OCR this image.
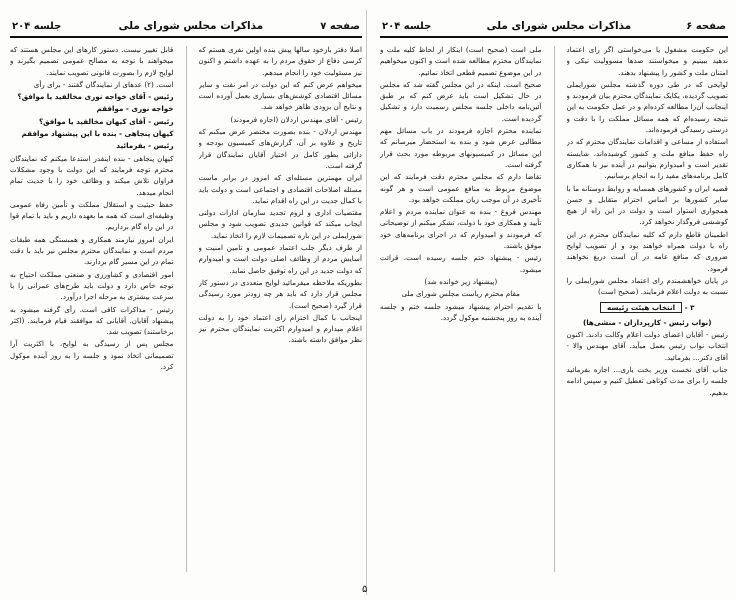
صفحه ۷
مذاکرات مجلس شورای ملی
جلسه ۲۰۴

اصلا دفتر بازخود سالها پیش بنده اولین نفری هستم که کرسی دفاع از حقوق مردم را به عهده داشتم و اکنون نیز مسئولیت خود را انجام میدهم.

میخواهم عرض کنم که این دولت در امر نفت و سایر مسائل اقتصادی کوشش‌های بسیاری بعمل آورده است و نتایج آن بزودی ظاهر خواهد شد.

رئیس - آقای مهندس اردلان (اجازه فرمودند)

مهندس اردلان - بنده بصورت مختصر عرض میکنم که تاریخ و علاوه بر آن، گزارش‌های کمیسیون بودجه و دارائی بطور کامل در اختیار آقایان نمایندگان قرار گرفته است.

ایران مهمترین مسئله‌ای که امروز در برابر ماست مسئله اصلاحات اقتصادی و اجتماعی است و دولت باید با کمال جدیت در این راه اقدام نماید.

مقتضیات اداری و لزوم تجدید سازمان ادارات دولتی ایجاب میکند که قوانین جدیدی تصویب شود و مجلس شورایملی در این باره تصمیمات لازم را اتخاذ نماید.

از طرف دیگر جلب اعتماد عمومی و تامین امنیت و آسایش مردم از وظائف اصلی دولت است و امیدوارم که دولت جدید در این راه توفیق حاصل نماید.

بطوریکه ملاحظه میفرمائید لوایح متعددی در دستور کار مجلس قرار دارد که باید هر چه زودتر مورد رسیدگی قرار گیرد (صحیح است).

اینجانب با کمال احترام رای اعتماد خود را به دولت اعلام میدارم و امیدوارم اکثریت نمایندگان محترم نیز نظر موافق داشته باشند.

قابل تغییر نیست. دستور کارهای این مجلس هستند که میخواهند با توجه به مصالح عمومی تصمیم بگیرند و لوایح لازم را بصورت قانونی تصویب نمایند.

است. (۲) عدهای از نمایندگان گفتند - برای رأی

رئیس - آقای خواجه نوری مخالفید یا موافق؟

خواجه نوری - موافقم

رئیس - آقای کیهان مخالفید یا موافق؟

کیهان پنجاهی - بنده با این پیشنهاد موافقم

رئیس - بفرمائید

کیهان پنجاهی - بنده اینقدر استدعا میکنم که نمایندگان محترم توجه فرمایند که این دولت با وجود مشکلات فراوان تلاش میکند و وظائف خود را با جدیت تمام انجام میدهد.

حفظ حیثیت و استقلال مملکت و تأمین رفاه عمومی وظیفه‌ای است که همه ما بعهده داریم و باید با تمام قوا در این راه گام برداریم.

ایران امروز نیازمند همکاری و همبستگی همه طبقات مردم است و نمایندگان محترم مجلس نیز باید با دقت تمام در این مسیر گام بردارند.

امور اقتصادی و کشاورزی و صنعتی مملکت احتیاج به توجه خاص دارد و دولت باید طرح‌های عمرانی را با سرعت بیشتری به مرحله اجرا درآورد.

رئیس - مذاکرات کافی است. رأی گرفته میشود به پیشنهاد آقایان. آقایانی که موافقند قیام فرمایند. (اکثر برخاستند) تصویب شد.

مجلس پس از رسیدگی به لوایح، با اکثریت آرا تصمیماتی اتخاذ نمود و جلسه را به روز آینده موکول کرد.

صفحه ۶
مذاکرات مجلس شورای ملی
جلسه ۲۰۴

این حکومت مشغول یا می‌خواستی اگر رای اعتماد ندهید ببینیم و میخواستند صدها مسوولیت نیکی و امتنان ملت و کشور را پیشنهاد بدهند.

لوایحی که در طی دوره گذشته مجلس شورایملی تصویب گردیده، یکایک نمایندگان محترم بیان فرمودند و اینجانب آن‌را مطالعه کرده‌ام و در عمل حکومت به این نتیجه رسیده‌ام که همه مسائل مملکت را با دقت و درستی رسیدگی فرموده‌اند.

استفاده از مساعی و اقدامات نمایندگان محترم که در راه حفظ منافع ملت و کشور کوشیده‌اند، شایسته تقدیر است و امیدوارم بتوانیم در آینده نیز با همکاری کامل برنامه‌های مفید را به انجام برسانیم.

قضیه ایران و کشورهای همسایه و روابط دوستانه ما با سایر کشورها بر اساس احترام متقابل و حسن همجواری استوار است و دولت در این راه از هیچ کوششی فروگذار نخواهد کرد.

اطمینان قاطع دارم که کلیه نمایندگان محترم در این راه با دولت همراه خواهند بود و از تصویب لوایح ضروری که منافع عامه در آن است دریغ نخواهند فرمود.

در پایان خواهشمندم رای اعتماد مجلس شورایملی را نسبت به دولت اعلام فرمایند. (صحیح است)

۳ - انتخاب هیئت رئیسه

(نواب رئیس - کارپردازان - منشی‌ها)

رئیس - آقایان اعضای دولت اعلام وکالت دادند. اکنون انتخاب نواب رئیس بعمل میآید. آقای مهندس والا - آقای دکتر... بفرمائید.

جناب آقای نخست وزیر بخت یاری... اجازه بفرمائید جلسه را برای مدت کوتاهی تعطیل کنیم و سپس ادامه بدهیم.

ملی است (صحیح است) اینکار از لحاظ کلیه ملت و نمایندگان محترم مطالعه شده است و اکنون میخواهیم در این موضوع تصمیم قطعی اتخاذ نمائیم.

صحیح است. اینکه در این مجلس گفته شد که مجلس در حال تشکیل است باید عرض کنم که بر طبق آئین‌نامه داخلی جلسه مجلس رسمیت دارد و تشکیل گردیده است.

نماینده محترم اجازه فرمودند در باب مسائل مهم مطالبی عرض شود و بنده به استحضار میرسانم که این مسائل در کمیسیونهای مربوطه مورد بحث قرار گرفته است.

تقاضا دارم که مجلس محترم دقت فرمایند که این موضوع مربوط به منافع عمومی است و هر گونه تأخیری در آن موجب زیان مملکت خواهد بود.

مهندس فروغ - بنده به عنوان نماینده مردم و اعلام تأیید و همکاری خود با دولت، تشکر میکنم از توضیحاتی که فرمودند و امیدوارم که در اجرای برنامه‌های خود موفق باشند.

رئیس - پیشنهاد ختم جلسه رسیده است، قرائت میشود.

(پیشنهاد زیر خوانده شد)

مقام محترم ریاست مجلس شورای ملی

با تقدیم احترام پیشنهاد میشود جلسه ختم و جلسه آینده به روز پنجشنبه موکول گردد.

۵
